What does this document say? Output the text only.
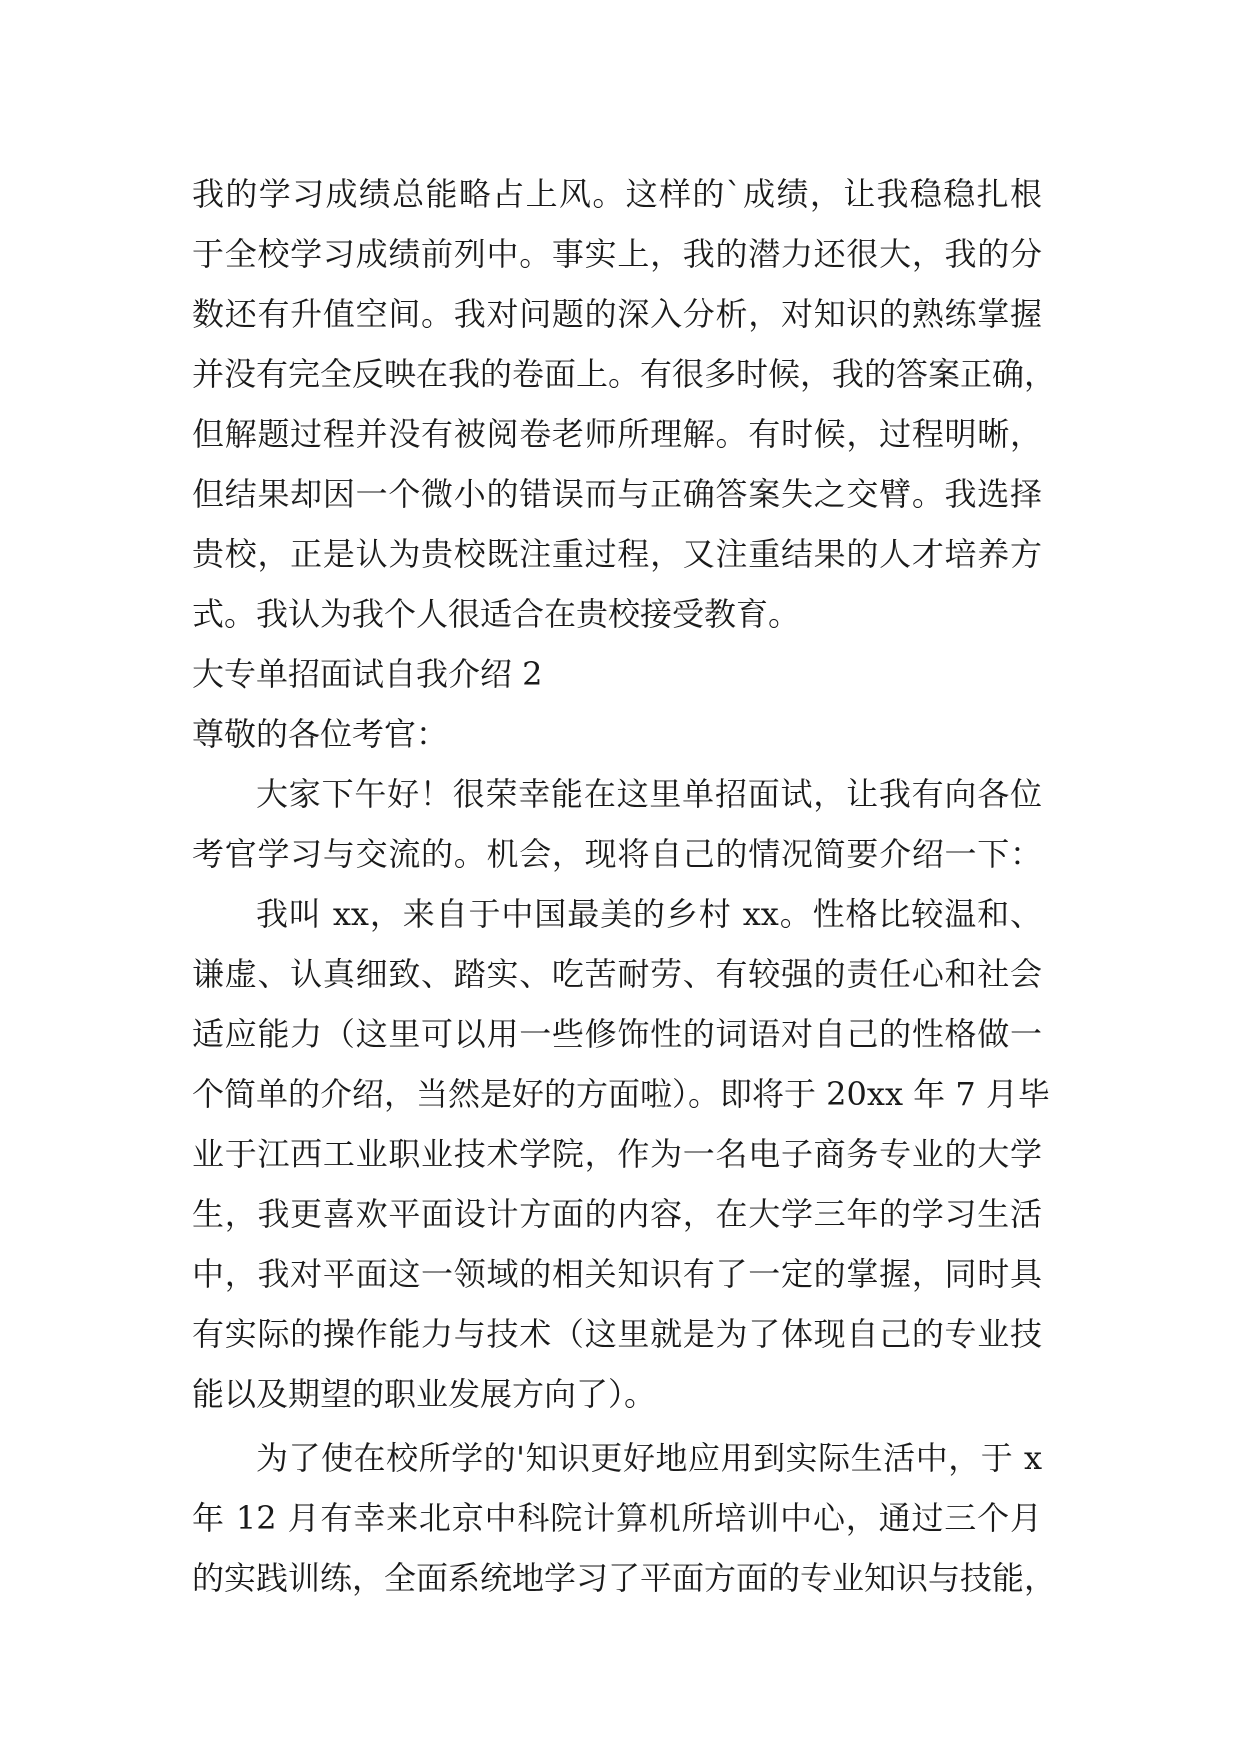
我的学习成绩总能略占上风。这样的`成绩，让我稳稳扎根
于全校学习成绩前列中。事实上，我的潜力还很大，我的分
数还有升值空间。我对问题的深入分析，对知识的熟练掌握
并没有完全反映在我的卷面上。有很多时候，我的答案正确，
但解题过程并没有被阅卷老师所理解。有时候，过程明晰，
但结果却因一个微小的错误而与正确答案失之交臂。我选择
贵校，正是认为贵校既注重过程，又注重结果的人才培养方
式。我认为我个人很适合在贵校接受教育。
大专单招面试自我介绍 2
尊敬的各位考官：
大家下午好！很荣幸能在这里单招面试，让我有向各位
考官学习与交流的。机会，现将自己的情况简要介绍一下：
我叫 xx，来自于中国最美的乡村 xx。性格比较温和、
谦虚、认真细致、踏实、吃苦耐劳、有较强的责任心和社会
适应能力（这里可以用一些修饰性的词语对自己的性格做一
个简单的介绍，当然是好的方面啦）。即将于 20xx 年 7 月毕
业于江西工业职业技术学院，作为一名电子商务专业的大学
生，我更喜欢平面设计方面的内容，在大学三年的学习生活
中，我对平面这一领域的相关知识有了一定的掌握，同时具
有实际的操作能力与技术（这里就是为了体现自己的专业技
能以及期望的职业发展方向了）。
为了使在校所学的'知识更好地应用到实际生活中，于 x
年 12 月有幸来北京中科院计算机所培训中心，通过三个月
的实践训练，全面系统地学习了平面方面的专业知识与技能，
